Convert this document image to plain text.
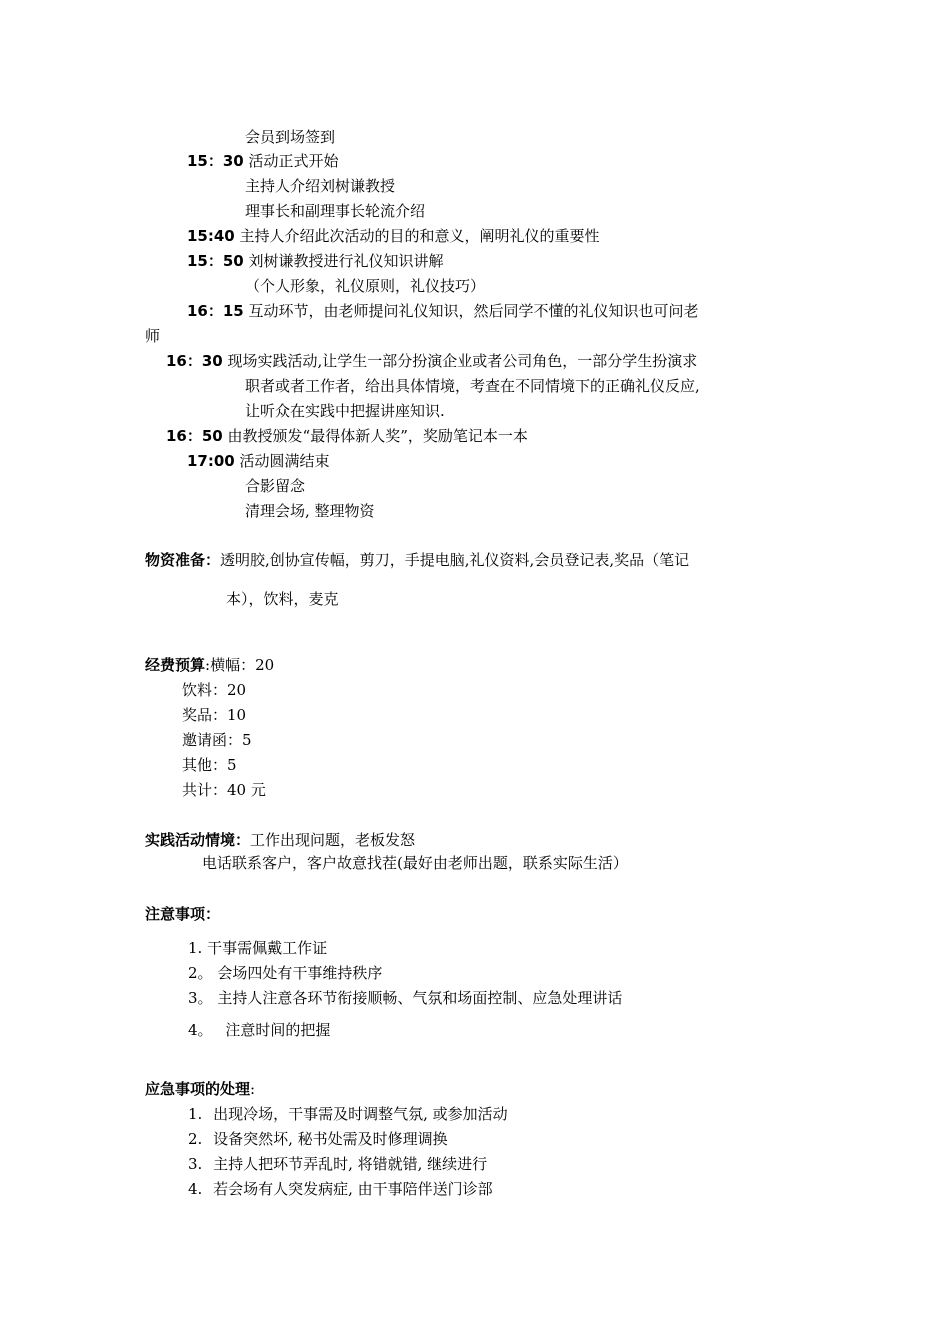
会员到场签到
15：30 活动正式开始
主持人介绍刘树谦教授
理事长和副理事长轮流介绍
15:40 主持人介绍此次活动的目的和意义，阐明礼仪的重要性
15：50 刘树谦教授进行礼仪知识讲解
（个人形象，礼仪原则，礼仪技巧）
16：15 互动环节，由老师提问礼仪知识，然后同学不懂的礼仪知识也可问老
师
16：30 现场实践活动,让学生一部分扮演企业或者公司角色，一部分学生扮演求
职者或者工作者，给出具体情境，考查在不同情境下的正确礼仪反应,
让听众在实践中把握讲座知识.
16：50 由教授颁发“最得体新人奖”，奖励笔记本一本
17:00 活动圆满结束
合影留念
清理会场, 整理物资
物资准备：透明胶,创协宣传幅，剪刀，手提电脑,礼仪资料,会员登记表,奖品（笔记
本），饮料，麦克
经费预算:横幅：20
饮料：20
奖品：10
邀请函：5
其他：5
共计：40 元
实践活动情境：工作出现问题，老板发怒
电话联系客户，客户故意找茬(最好由老师出题，联系实际生活）
注意事项：
1. 干事需佩戴工作证
2。 会场四处有干事维持秩序
3。 主持人注意各环节衔接顺畅、气氛和场面控制、应急处理讲话
4。 注意时间的把握
应急事项的处理:
1. 出现冷场，干事需及时调整气氛, 或参加活动
2. 设备突然坏, 秘书处需及时修理调换
3. 主持人把环节弄乱时, 将错就错, 继续进行
4. 若会场有人突发病症, 由干事陪伴送门诊部
